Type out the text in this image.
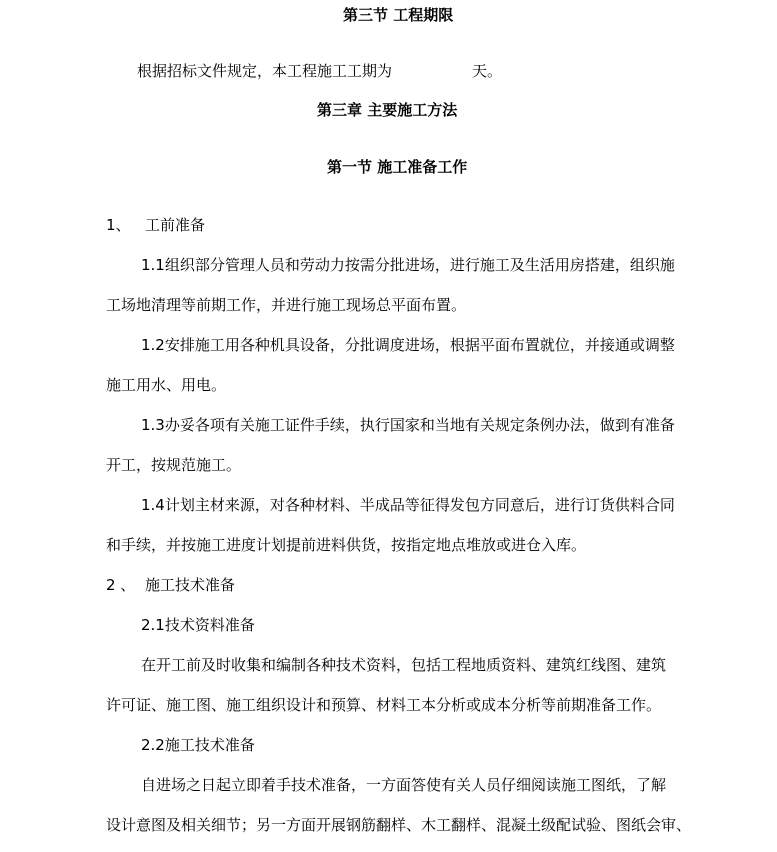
第三节 工程期限
根据招标文件规定，本工程施工工期为	天。
第三章 主要施工方法
第一节 施工准备工作
1、 工前准备
1.1组织部分管理人员和劳动力按需分批进场，进行施工及生活用房搭建，组织施
工场地清理等前期工作，并进行施工现场总平面布置。
1.2安排施工用各种机具设备，分批调度进场，根据平面布置就位，并接通或调整
施工用水、用电。
1.3办妥各项有关施工证件手续，执行国家和当地有关规定条例办法，做到有准备
开工，按规范施工。
1.4计划主材来源，对各种材料、半成品等征得发包方同意后，进行订货供料合同
和手续，并按施工进度计划提前进料供货，按指定地点堆放或进仓入库。
2 、 施工技术准备
2.1技术资料准备
在开工前及时收集和编制各种技术资料，包括工程地质资料、建筑红线图、建筑
许可证、施工图、施工组织设计和预算、材料工本分析或成本分析等前期准备工作。
2.2施工技术准备
自进场之日起立即着手技术准备，一方面答使有关人员仔细阅读施工图纸，了解
设计意图及相关细节；另一方面开展钢筋翻样、木工翻样、混凝土级配试验、图纸会审、
